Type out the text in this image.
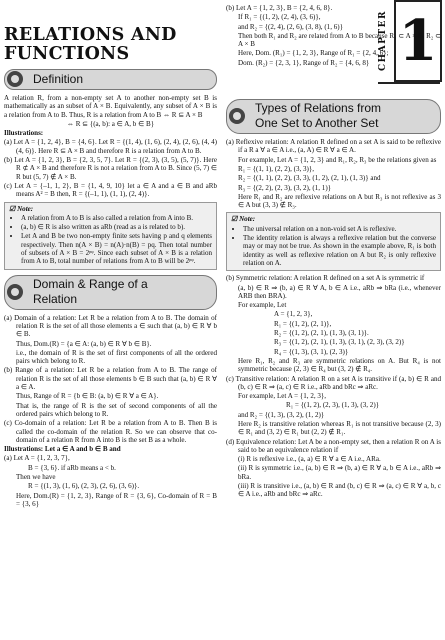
CHAPTER 1
RELATIONS AND
FUNCTIONS
Definition

A relation R, from a non-empty set A to another non-empty set B is mathematically as an subset of A × B. Equivalently, any subset of A × B is a relation from A to B. Thus, R is a relation from A to B ⇔ R ⊆ A × B

⇔ R ⊆ {(a, b): a ∈ A, b ∈ B}

Illustrations:

(a) Let A = {1, 2, 4}, B = {4, 6}. Let R = {(1, 4), (1, 6), (2, 4), (2, 6), (4, 4) (4, 6)}. Here R ⊆ A × B and therefore R is a relation from A to B.

(b) Let A = {1, 2, 3}, B = {2, 3, 5, 7}. Let R = {(2, 3), (3, 5), (5, 7)}. Here R ⊄ A × B and therefore R is not a relation from A to B. Since (5, 7) ∈ R but (5, 7) ∉ A × B.

(c) Let A = {–1, 1, 2}, B = {1, 4, 9, 10} let a ∈ A and a ∈ B and aRb means A² = B then, R = {(–1, 1), (1, 1), (2, 4)}.

☑ Note:
• A relation from A to B is also called a relation from A into B.
• (a, b) ∈ R is also written as aRb (read as a is related to b).
• Let A and B be two non-empty finite sets having p and q elements respectively. Then n(A × B) = n(A)·n(B) = pq. Then total number of subsets of A × B = 2ᵖᵠ. Since each subset of A × B is a relation from A to B, total number of relations from A to B will be 2ᵖᵠ.
Domain & Range of a
Relation

(a) Domain of a relation: Let R be a relation from A to B. The domain of relation R is the set of all those elements a ∈ such that (a, b) ∈ R ∀ b ∈ B.

Thus, Dom.(R) = {a ∈ A: (a, b) ∈ R ∀ b ∈ B}.

i.e., the domain of R is the set of first components of all the ordered pairs which belong to R.

(b) Range of a relation: Let R be a relation from A to B. The range of relation R is the set of all those elements b ∈ B such that (a, b) ∈ R ∀ a ∈ A.

Thus, Range of R = {b ∈ B: (a, b) ∈ R ∀ a ∈ A}.

That is, the range of R is the set of second components of all the ordered pairs which belong to R.

(c) Co-domain of a relation: Let R be a relation from A to B. Then B is called the co-domain of the relation R. So we can observe that co-domain of a relation R from A into B is the set B as a whole.

Illustrations: Let a ∈ A and b ∈ B and

(a) Let A = {1, 2, 3, 7},

B = {3, 6}. if aRb means a < b.

Then we have

R = {(1, 3), (1, 6), (2, 3), (2, 6), (3, 6)}.

Here, Dom.(R) = {1, 2, 3}, Range of R = {3, 6}, Co-domain of R = B = {3, 6}

(b) Let A = {1, 2, 3}, B = {2, 4, 6, 8}.

If R₁ = {(1, 2), (2, 4), (3, 6)},

and R₂ = {(2, 4), (2, 6), (3, 8), (1, 6)}

Then both R₁ and R₂ are related from A to B because R₁ ⊂ A × B, R₂ ⊂ A × B

Here, Dom. (R₁) = {1, 2, 3}, Range of R₁ = {2, 4, 6};

Dom. (R₂) = {2, 3, 1}, Range of R₂ = {4, 6, 8}

Types of Relations from
One Set to Another Set

(a) Reflexive relation: A relation R defined on a set A is said to be reflexive if a R a ∀ a ∈ A i.e., (a, A) ∈ R ∀ a ∈ A.

For example, Let A = {1, 2, 3} and R₁, R₂, R₃ be the relations given as

R₁ = {(1, 1), (2, 2), (3, 3)},

R₂ = {(1, 1), (2, 2), (3, 3), (1, 2), (2, 1), (1, 3)} and

R₃ = {(2, 2), (2, 3), (3, 2), (1, 1)}

Here R₁ and R₂ are reflexive relations on A but R₃ is not reflexive as 3 ∈ A but (3, 3) ∉ R₃.

☑ Note:
• The universal relation on a non-void set A is reflexive.
• The identity relation is always a reflexive relation but the converse may or may not be true. As shown in the example above, R₁ is both identity as well as reflexive relation on A but R₂ is only reflexive relation on A.

(b) Symmetric relation: A relation R defined on a set A is symmetric if

(a, b) ∈ R ⇒ (b, a) ∈ R ∀ A, b ∈ A i.e., aRb ⇒ bRa (i.e., whenever ARB then BRA).

For example, Let

A = {1, 2, 3},

R₁ = {(1, 2), (2, 1)},

R₂ = {(1, 2), (2, 1), (1, 3), (3, 1)}.

R₃ = {(1, 2), (2, 1), (1, 3), (3, 1), (2, 3), (3, 2)}

R₄ = {(1, 3), (3, 1), (2, 3)}

Here R₁, R₂ and R₃ are symmetric relations on A. But R₄ is not symmetric because (2, 3) ∈ R₄ but (3, 2) ∉ R₄.

(c) Transitive relation: A relation R on a set A is transitive if (a, b) ∈ R and (b, c) ∈ R ⇒ (a, c) ∈ R i.e., aRb and bRc ⇒ aRc.

For example, Let A = {1, 2, 3},

R₁ = {(1, 2), (2, 3), (1, 3), (3, 2)}

and R₂ = {(1, 3), (3, 2), (1, 2)}

Here R₂ is transitive relation whereas R₁ is not transitive because (2, 3) ∈ R₁ and (3, 2) ∈ R₁ but (2, 2) ∉ R₁.

(d) Equivalence relation: Let A be a non-empty set, then a relation R on A is said to be an equivalence relation if

(i) R is reflexive i.e., (a, a) ∈ R ∀ a ∈ A i.e., ARa.

(ii) R is symmetric i.e., (a, b) ∈ R ⇒ (b, a) ∈ R ∀ a, b ∈ A i.e., aRb ⇒ bRa.

(iii) R is transitive i.e., (a, b) ∈ R and (b, c) ∈ R ⇒ (a, c) ∈ R ∀ a, b, c ∈ A i.e., aRb and bRc ⇒ aRc.
